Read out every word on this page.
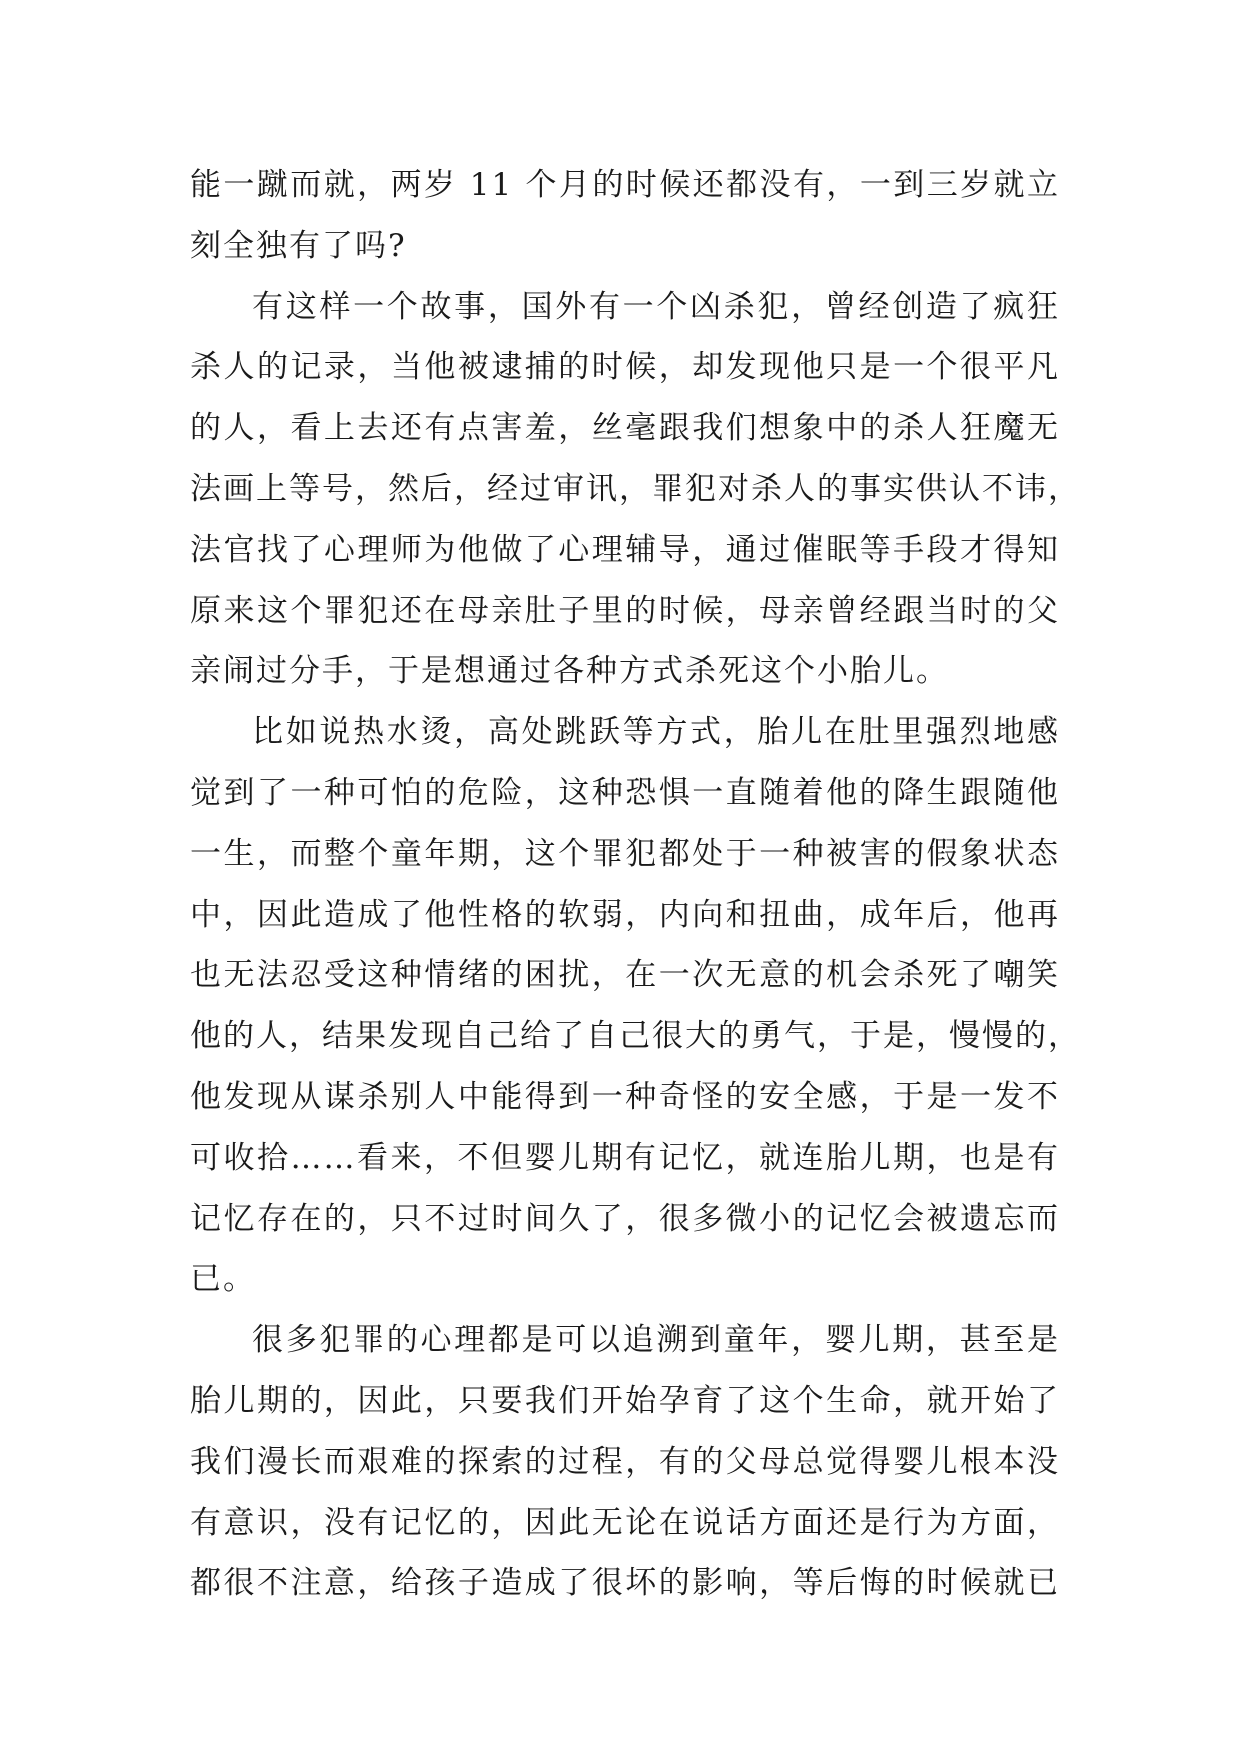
能一蹴而就，两岁 11 个月的时候还都没有，一到三岁就立
刻全独有了吗?
有这样一个故事，国外有一个凶杀犯，曾经创造了疯狂
杀人的记录，当他被逮捕的时候，却发现他只是一个很平凡
的人，看上去还有点害羞，丝毫跟我们想象中的杀人狂魔无
法画上等号，然后，经过审讯，罪犯对杀人的事实供认不讳，
法官找了心理师为他做了心理辅导，通过催眠等手段才得知
原来这个罪犯还在母亲肚子里的时候，母亲曾经跟当时的父
亲闹过分手，于是想通过各种方式杀死这个小胎儿。
比如说热水烫，高处跳跃等方式，胎儿在肚里强烈地感
觉到了一种可怕的危险，这种恐惧一直随着他的降生跟随他
一生，而整个童年期，这个罪犯都处于一种被害的假象状态
中，因此造成了他性格的软弱，内向和扭曲，成年后，他再
也无法忍受这种情绪的困扰，在一次无意的机会杀死了嘲笑
他的人，结果发现自己给了自己很大的勇气，于是，慢慢的，
他发现从谋杀别人中能得到一种奇怪的安全感，于是一发不
可收拾……看来，不但婴儿期有记忆，就连胎儿期，也是有
记忆存在的，只不过时间久了，很多微小的记忆会被遗忘而
已。
很多犯罪的心理都是可以追溯到童年，婴儿期，甚至是
胎儿期的，因此，只要我们开始孕育了这个生命，就开始了
我们漫长而艰难的探索的过程，有的父母总觉得婴儿根本没
有意识，没有记忆的，因此无论在说话方面还是行为方面，
都很不注意，给孩子造成了很坏的影响，等后悔的时候就已
